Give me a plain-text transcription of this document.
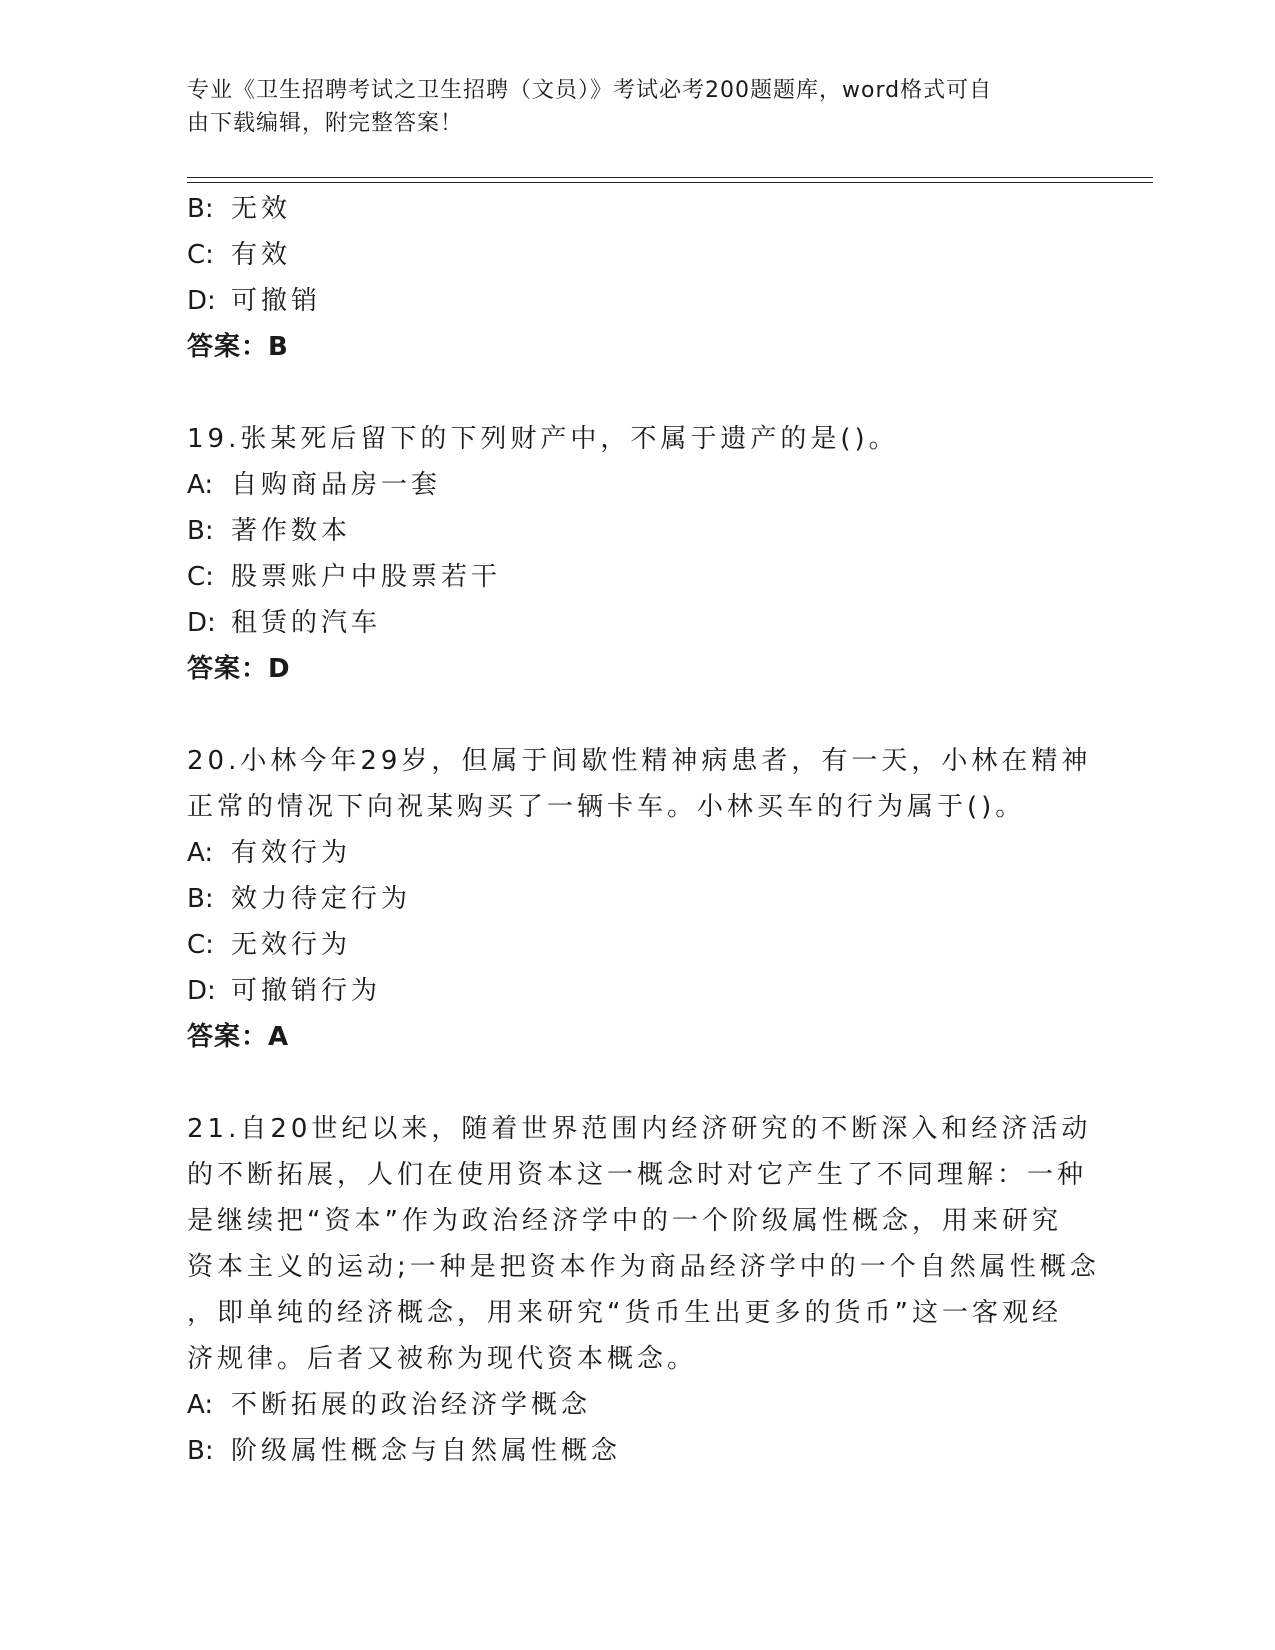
专业《卫生招聘考试之卫生招聘（文员）》考试必考200题题库，word格式可自
由下载编辑，附完整答案！
B: 无效
C: 有效
D: 可撤销
答案：B
19.张某死后留下的下列财产中，不属于遗产的是()。
A: 自购商品房一套
B: 著作数本
C: 股票账户中股票若干
D: 租赁的汽车
答案：D
20.小林今年29岁，但属于间歇性精神病患者，有一天，小林在精神
正常的情况下向祝某购买了一辆卡车。小林买车的行为属于()。
A: 有效行为
B: 效力待定行为
C: 无效行为
D: 可撤销行为
答案：A
21.自20世纪以来，随着世界范围内经济研究的不断深入和经济活动
的不断拓展，人们在使用资本这一概念时对它产生了不同理解：一种
是继续把“资本”作为政治经济学中的一个阶级属性概念，用来研究
资本主义的运动;一种是把资本作为商品经济学中的一个自然属性概念
，即单纯的经济概念，用来研究“货币生出更多的货币”这一客观经
济规律。后者又被称为现代资本概念。
A: 不断拓展的政治经济学概念
B: 阶级属性概念与自然属性概念
